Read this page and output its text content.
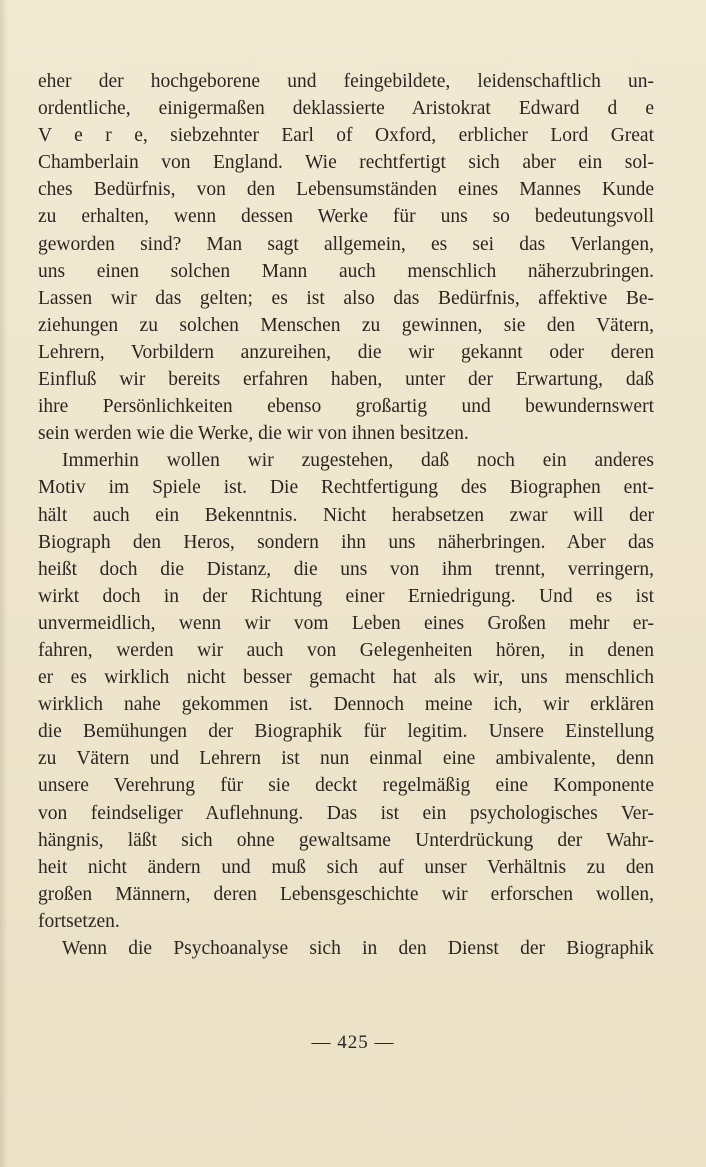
eher der hochgeborene und feingebildete, leidenschaftlich un-
ordentliche, einigermaßen deklassierte Aristokrat Edward d e
V e r e, siebzehnter Earl of Oxford, erblicher Lord Great
Chamberlain von England. Wie rechtfertigt sich aber ein sol-
ches Bedürfnis, von den Lebensumständen eines Mannes Kunde
zu erhalten, wenn dessen Werke für uns so bedeutungsvoll
geworden sind? Man sagt allgemein, es sei das Verlangen,
uns einen solchen Mann auch menschlich näherzubringen.
Lassen wir das gelten; es ist also das Bedürfnis, affektive Be-
ziehungen zu solchen Menschen zu gewinnen, sie den Vätern,
Lehrern, Vorbildern anzureihen, die wir gekannt oder deren
Einfluß wir bereits erfahren haben, unter der Erwartung, daß
ihre Persönlichkeiten ebenso großartig und bewundernswert
sein werden wie die Werke, die wir von ihnen besitzen.
Immerhin wollen wir zugestehen, daß noch ein anderes
Motiv im Spiele ist. Die Rechtfertigung des Biographen ent-
hält auch ein Bekenntnis. Nicht herabsetzen zwar will der
Biograph den Heros, sondern ihn uns näherbringen. Aber das
heißt doch die Distanz, die uns von ihm trennt, verringern,
wirkt doch in der Richtung einer Erniedrigung. Und es ist
unvermeidlich, wenn wir vom Leben eines Großen mehr er-
fahren, werden wir auch von Gelegenheiten hören, in denen
er es wirklich nicht besser gemacht hat als wir, uns menschlich
wirklich nahe gekommen ist. Dennoch meine ich, wir erklären
die Bemühungen der Biographik für legitim. Unsere Einstellung
zu Vätern und Lehrern ist nun einmal eine ambivalente, denn
unsere Verehrung für sie deckt regelmäßig eine Komponente
von feindseliger Auflehnung. Das ist ein psychologisches Ver-
hängnis, läßt sich ohne gewaltsame Unterdrückung der Wahr-
heit nicht ändern und muß sich auf unser Verhältnis zu den
großen Männern, deren Lebensgeschichte wir erforschen wollen,
fortsetzen.
Wenn die Psychoanalyse sich in den Dienst der Biographik
— 425 —
